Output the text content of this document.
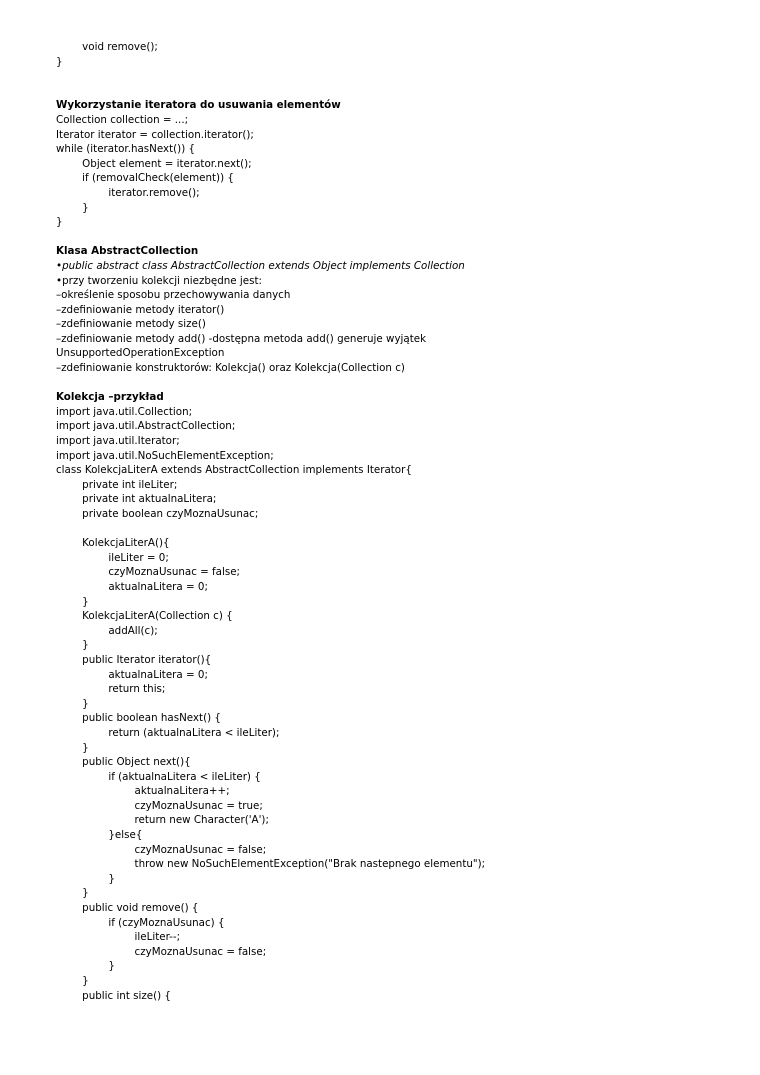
void remove();
}
Wykorzystanie iteratora do usuwania elementów
Collection collection = ...;
Iterator iterator = collection.iterator();
while (iterator.hasNext()) {
Object element = iterator.next();
if (removalCheck(element)) {
iterator.remove();
}
}
Klasa AbstractCollection
•public abstract class AbstractCollection extends Object implements Collection
•przy tworzeniu kolekcji niezbędne jest:
–określenie sposobu przechowywania danych
–zdefiniowanie metody iterator()
–zdefiniowanie metody size()
–zdefiniowanie metody add() -dostępna metoda add() generuje wyjątek
UnsupportedOperationException
–zdefiniowanie konstruktorów: Kolekcja() oraz Kolekcja(Collection c)
Kolekcja –przykład
import java.util.Collection;
import java.util.AbstractCollection;
import java.util.Iterator;
import java.util.NoSuchElementException;
class KolekcjaLiterA extends AbstractCollection implements Iterator{
private int ileLiter;
private int aktualnaLitera;
private boolean czyMoznaUsunac;

KolekcjaLiterA(){
ileLiter = 0;
czyMoznaUsunac = false;
aktualnaLitera = 0;
}
KolekcjaLiterA(Collection c) {
addAll(c);
}
public Iterator iterator(){
aktualnaLitera = 0;
return this;
}
public boolean hasNext() {
return (aktualnaLitera < ileLiter);
}
public Object next(){
if (aktualnaLitera < ileLiter) {
aktualnaLitera++;
czyMoznaUsunac = true;
return new Character('A');
}else{
czyMoznaUsunac = false;
throw new NoSuchElementException("Brak nastepnego elementu");
}
}
public void remove() {
if (czyMoznaUsunac) {
ileLiter--;
czyMoznaUsunac = false;
}
}
public int size() {
